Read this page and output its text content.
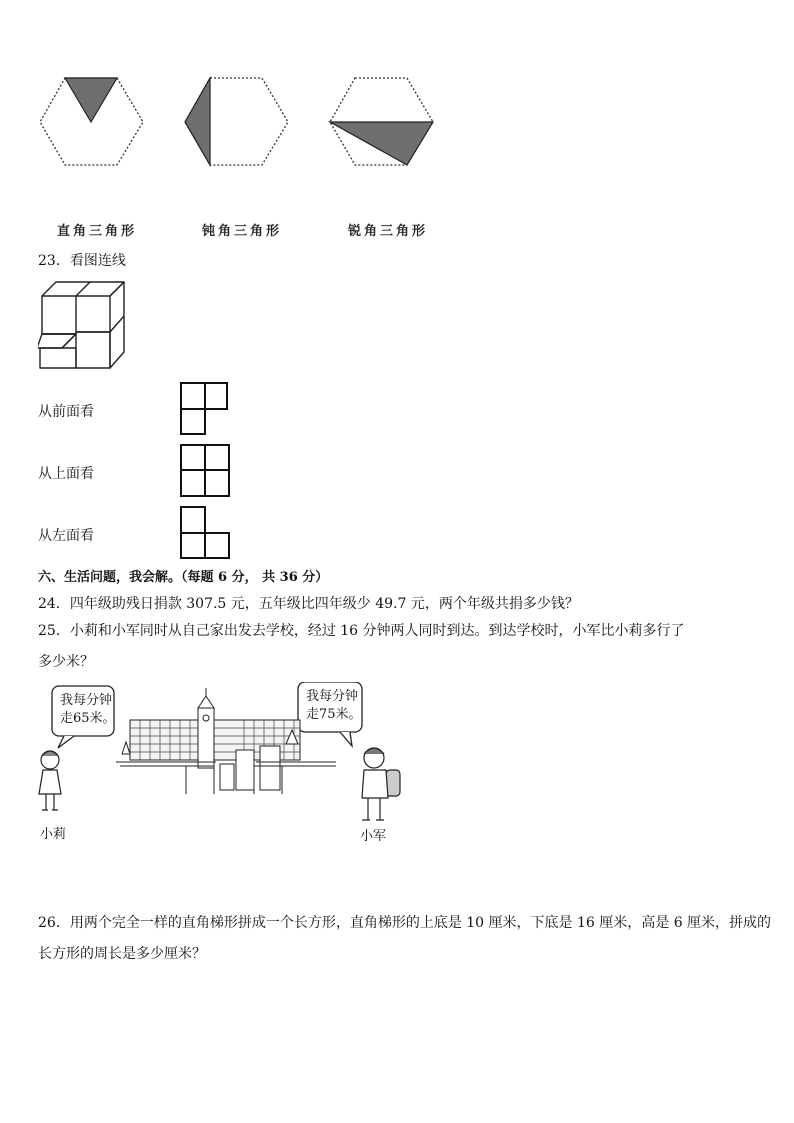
直角三角形	钝角三角形	锐角三角形
23．看图连线
从前面看
从上面看
从左面看
六、生活问题，我会解。（每题 6 分， 共 36 分）
24．四年级助残日捐款 307.5 元，五年级比四年级少 49.7 元，两个年级共捐多少钱？
25．小莉和小军同时从自己家出发去学校，经过 16 分钟两人同时到达。到达学校时，小军比小莉多行了
多少米？
我每分钟
走65米。
我每分钟
走75米。
小莉	小军
26．用两个完全一样的直角梯形拼成一个长方形，直角梯形的上底是 10 厘米，下底是 16 厘米，高是 6 厘米，拼成的
长方形的周长是多少厘米？
